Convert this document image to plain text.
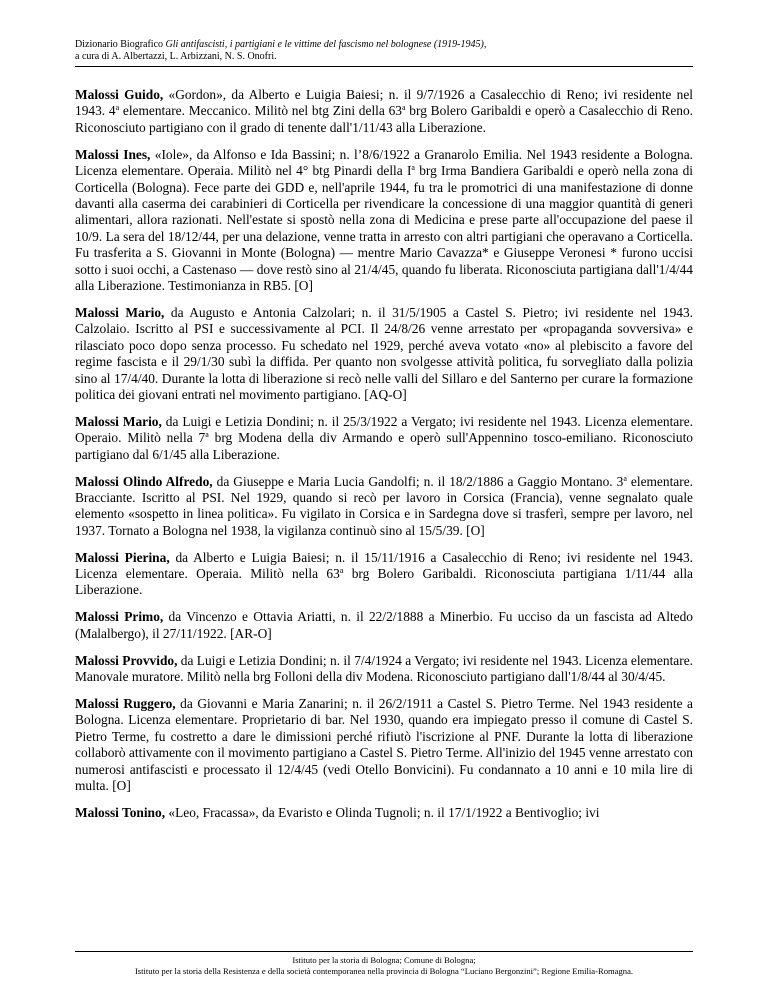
Dizionario Biografico Gli antifascisti, i partigiani e le vittime del fascismo nel bolognese (1919-1945),
a cura di A. Albertazzi, L. Arbizzani, N. S. Onofri.

Malossi Guido, «Gordon», da Alberto e Luigia Baiesi; n. il 9/7/1926 a Casalecchio di Reno; ivi residente nel 1943. 4$^a$ elementare. Meccanico. Militò nel btg Zini della 63$^a$ brg Bolero Garibaldi e operò a Casalecchio di Reno. Riconosciuto partigiano con il grado di tenente dall'1/11/43 alla Liberazione.

Malossi Ines, «Iole», da Alfonso e Ida Bassini; n. l’8/6/1922 a Granarolo Emilia. Nel 1943 residente a Bologna. Licenza elementare. Operaia. Militò nel 4° btg Pinardi della $I^a$ brg Irma Bandiera Garibaldi e operò nella zona di Corticella (Bologna). Fece parte dei GDD e, nell'aprile 1944, fu tra le promotrici di una manifestazione di donne davanti alla caserma dei carabinieri di Corticella per rivendicare la concessione di una maggior quantità di generi alimentari, allora razionati. Nell'estate si spostò nella zona di Medicina e prese parte all'occupazione del paese il 10/9. La sera del 18/12/44, per una delazione, venne tratta in arresto con altri partigiani che operavano a Corticella. Fu trasferita a S. Giovanni in Monte (Bologna) — mentre Mario Cavazza* e Giuseppe Veronesi * furono uccisi sotto i suoi occhi, a Castenaso — dove restò sino al 21/4/45, quando fu liberata. Riconosciuta partigiana dall'1/4/44 alla Liberazione. Testimonianza in RB5. [O]

Malossi Mario, da Augusto e Antonia Calzolari; n. il 31/5/1905 a Castel S. Pietro; ivi residente nel 1943. Calzolaio. Iscritto al PSI e successivamente al PCI. Il 24/8/26 venne arrestato per «propaganda sovversiva» e rilasciato poco dopo senza processo. Fu schedato nel 1929, perché aveva votato «no» al plebiscito a favore del regime fascista e il 29/1/30 subì la diffida. Per quanto non svolgesse attività politica, fu sorvegliato dalla polizia sino al 17/4/40. Durante la lotta di liberazione si recò nelle valli del Sillaro e del Santerno per curare la formazione politica dei giovani entrati nel movimento partigiano. [AQ-O]

Malossi Mario, da Luigi e Letizia Dondini; n. il 25/3/1922 a Vergato; ivi residente nel 1943. Licenza elementare. Operaio. Militò nella 7$^a$ brg Modena della div Armando e operò sull'Appennino tosco-emiliano. Riconosciuto partigiano dal 6/1/45 alla Liberazione.

Malossi Olindo Alfredo, da Giuseppe e Maria Lucia Gandolfi; n. il 18/2/1886 a Gaggio Montano. 3$^a$ elementare. Bracciante. Iscritto al PSI. Nel 1929, quando si recò per lavoro in Corsica (Francia), venne segnalato quale elemento «sospetto in linea politica». Fu vigilato in Corsica e in Sardegna dove si trasferì, sempre per lavoro, nel 1937. Tornato a Bologna nel 1938, la vigilanza continuò sino al 15/5/39. [O]

Malossi Pierina, da Alberto e Luigia Baiesi; n. il 15/11/1916 a Casalecchio di Reno; ivi residente nel 1943. Licenza elementare. Operaia. Militò nella 63$^a$ brg Bolero Garibaldi. Riconosciuta partigiana 1/11/44 alla Liberazione.

Malossi Primo, da Vincenzo e Ottavia Ariatti, n. il 22/2/1888 a Minerbio. Fu ucciso da un fascista ad Altedo (Malalbergo), il 27/11/1922. [AR-O]

Malossi Provvido, da Luigi e Letizia Dondini; n. il 7/4/1924 a Vergato; ivi residente nel 1943. Licenza elementare. Manovale muratore. Militò nella brg Folloni della div Modena. Riconosciuto partigiano dall'1/8/44 al 30/4/45.

Malossi Ruggero, da Giovanni e Maria Zanarini; n. il 26/2/1911 a Castel S. Pietro Terme. Nel 1943 residente a Bologna. Licenza elementare. Proprietario di bar. Nel 1930, quando era impiegato presso il comune di Castel S. Pietro Terme, fu costretto a dare le dimissioni perché rifiutò l'iscrizione al PNF. Durante la lotta di liberazione collaborò attivamente con il movimento partigiano a Castel S. Pietro Terme. All'inizio del 1945 venne arrestato con numerosi antifascisti e processato il 12/4/45 (vedi Otello Bonvicini). Fu condannato a 10 anni e 10 mila lire di multa. [O]

Malossi Tonino, «Leo, Fracassa», da Evaristo e Olinda Tugnoli; n. il 17/1/1922 a Bentivoglio; ivi

Istituto per la storia di Bologna; Comune di Bologna;
Istituto per la storia della Resistenza e della società contemporanea nella provincia di Bologna “Luciano Bergonzini”; Regione Emilia-Romagna.
